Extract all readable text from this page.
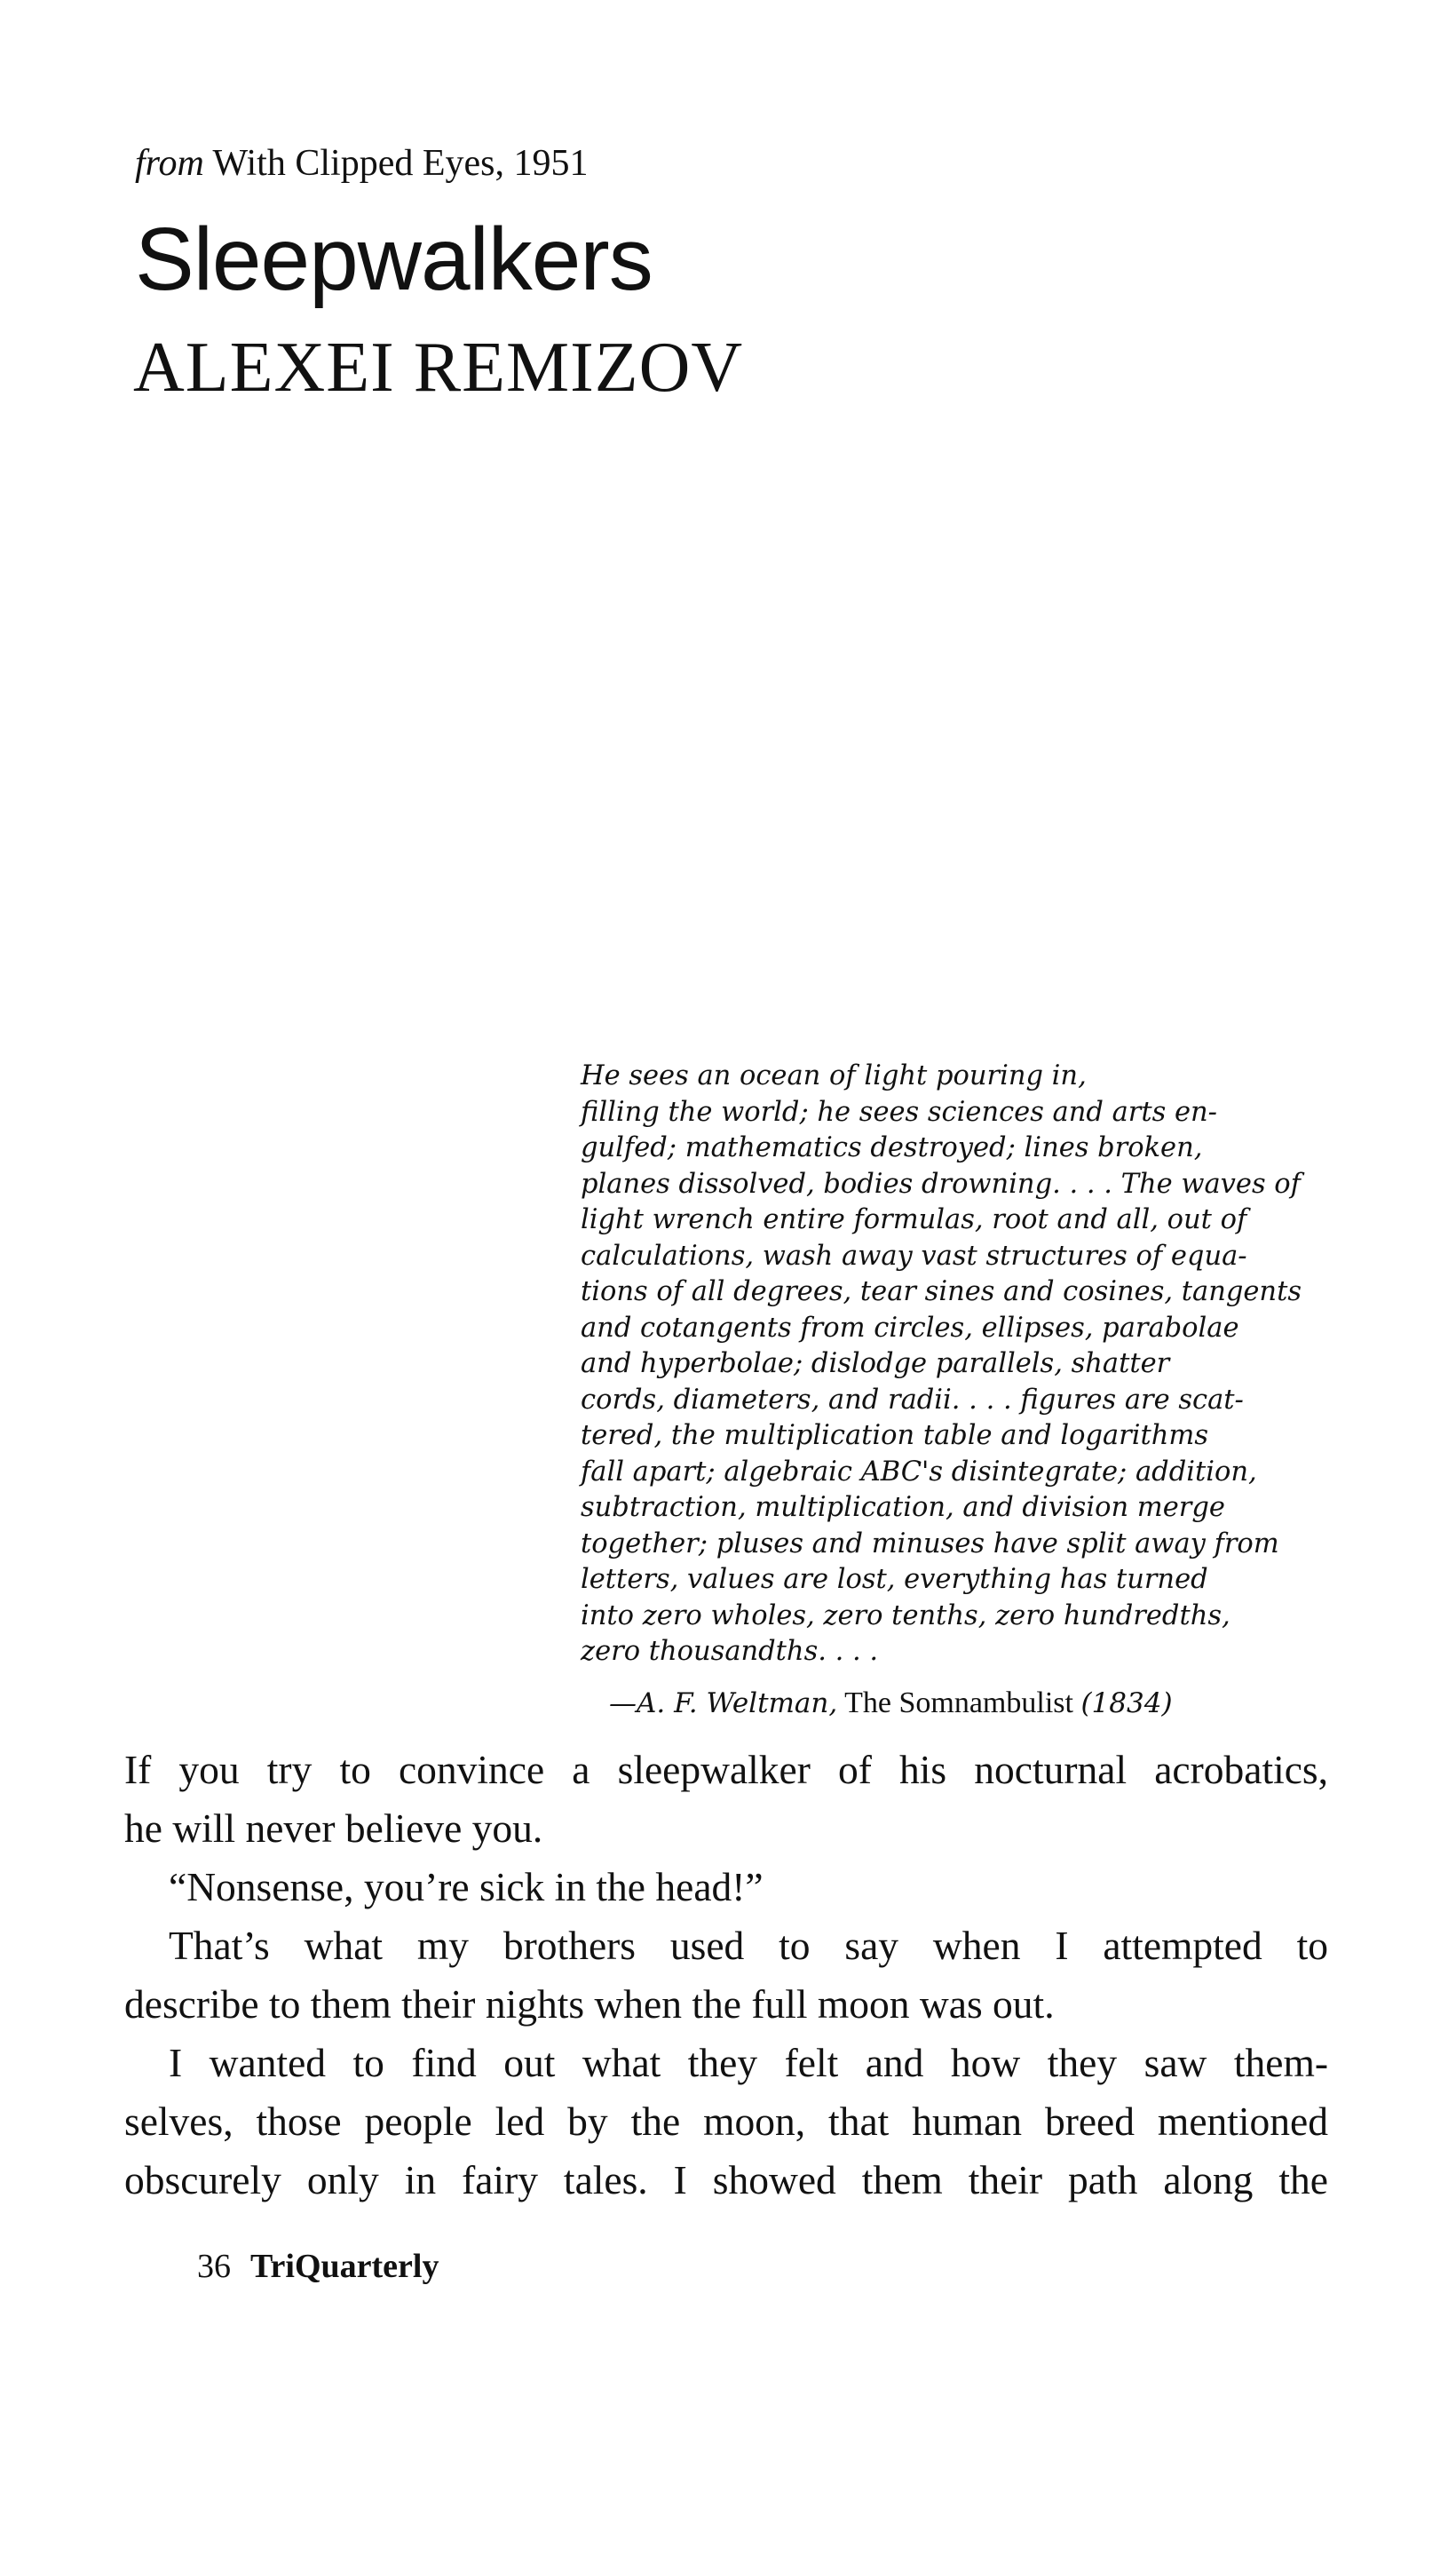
from With Clipped Eyes, 1951
Sleepwalkers
ALEXEI REMIZOV
He sees an ocean of light pouring in,
filling the world; he sees sciences and arts en-
gulfed; mathematics destroyed; lines broken,
planes dissolved, bodies drowning. . . . The waves of
light wrench entire formulas, root and all, out of
calculations, wash away vast structures of equa-
tions of all degrees, tear sines and cosines, tangents
and cotangents from circles, ellipses, parabolae
and hyperbolae; dislodge parallels, shatter
cords, diameters, and radii. . . . figures are scat-
tered, the multiplication table and logarithms
fall apart; algebraic ABC's disintegrate; addition,
subtraction, multiplication, and division merge
together; pluses and minuses have split away from
letters, values are lost, everything has turned
into zero wholes, zero tenths, zero hundredths,
zero thousandths. . . .
—A. F. Weltman, The Somnambulist (1834)
If you try to convince a sleepwalker of his nocturnal acrobatics,
he will never believe you.
“Nonsense, you’re sick in the head!”
That’s what my brothers used to say when I attempted to
describe to them their nights when the full moon was out.
I wanted to find out what they felt and how they saw them-
selves, those people led by the moon, that human breed mentioned
obscurely only in fairy tales. I showed them their path along the
36 TriQuarterly
